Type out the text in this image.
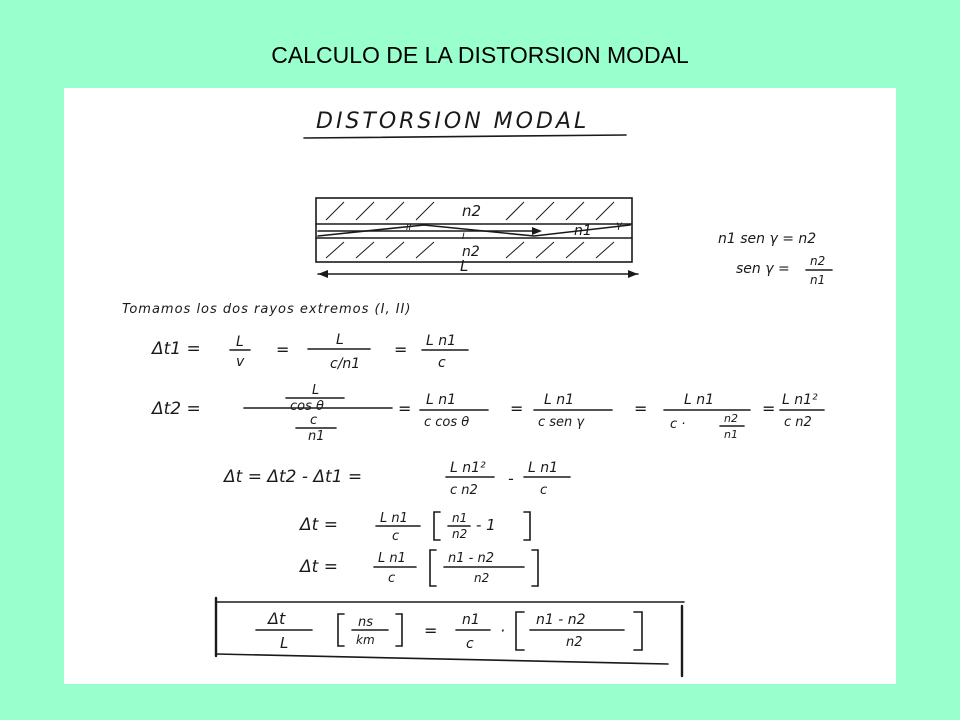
CALCULO DE LA DISTORSION MODAL
DISTORSION MODAL
n2
n1
II
I
γ
n2
L
n1 sen γ = n2
sen γ = n2
n1
Tomamos los dos rayos extremos (I, II)
Δt1 =	L
v
=	L
c/n1
= L n1
c
Δt2 =
L
cos θ
c
n1
= L n1
c cos θ
= L n1
c sen γ
=	L n1
c ·	n2
n1
= L n1²
c n2
Δt = Δt2 - Δt1 =	L n1²
c n2
-
L n1
c
Δt =	L n1
c
n1
n2 - 1
Δt =	L n1
c
n1 - n2
n2
Δt
L
ns
km	=
n1
c
·
n1 - n2
n2
